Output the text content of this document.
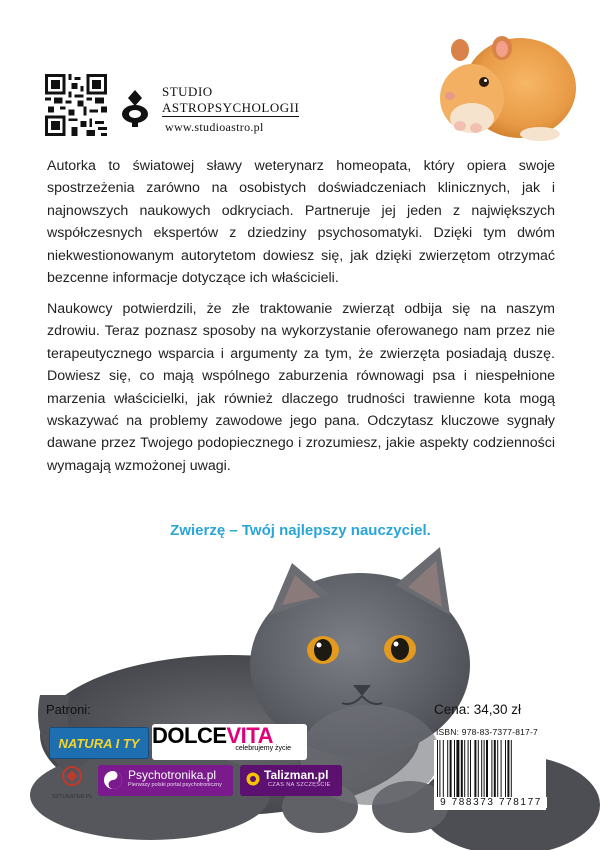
STUDIO
ASTROPSYCHOLOGII
www.studioastro.pl
Autorka to światowej sławy weterynarz homeopata, który opiera swoje spostrzeżenia zarówno na osobistych doświadczeniach klinicznych, jak i najnowszych naukowych odkryciach. Partneruje jej jeden z największych współczesnych ekspertów z dziedziny psychosomatyki. Dzięki tym dwóm niekwestionowanym autorytetom dowiesz się, jak dzięki zwierzętom otrzymać bezcenne informacje dotyczące ich właścicieli.
Naukowcy potwierdzili, że złe traktowanie zwierząt odbija się na naszym zdrowiu. Teraz poznasz sposoby na wykorzystanie oferowanego nam przez nie terapeutycznego wsparcia i argumenty za tym, że zwierzęta posiadają duszę. Dowiesz się, co mają wspólnego zaburzenia równowagi psa i niespełnione marzenia właścicielki, jak również dlaczego trudności trawienne kota mogą wskazywać na problemy zawodowe jego pana. Odczytasz kluczowe sygnały dawane przez Twojego podopiecznego i zrozumiesz, jakie aspekty codzienności wymagają wzmożonej uwagi.
Zwierzę – Twój najlepszy nauczyciel.
Patroni:	Cena: 34,30 zł
NATURA I TY DOLCEVITA
celebrujemy życie
SZTUKATER.PL
Psychotronika.pl
Pierwszy polski portal psychotroniczny
Talizman.pl
CZAS NA SZCZĘŚCIE
ISBN: 978-83-7377-817-7
9 788373 778177
